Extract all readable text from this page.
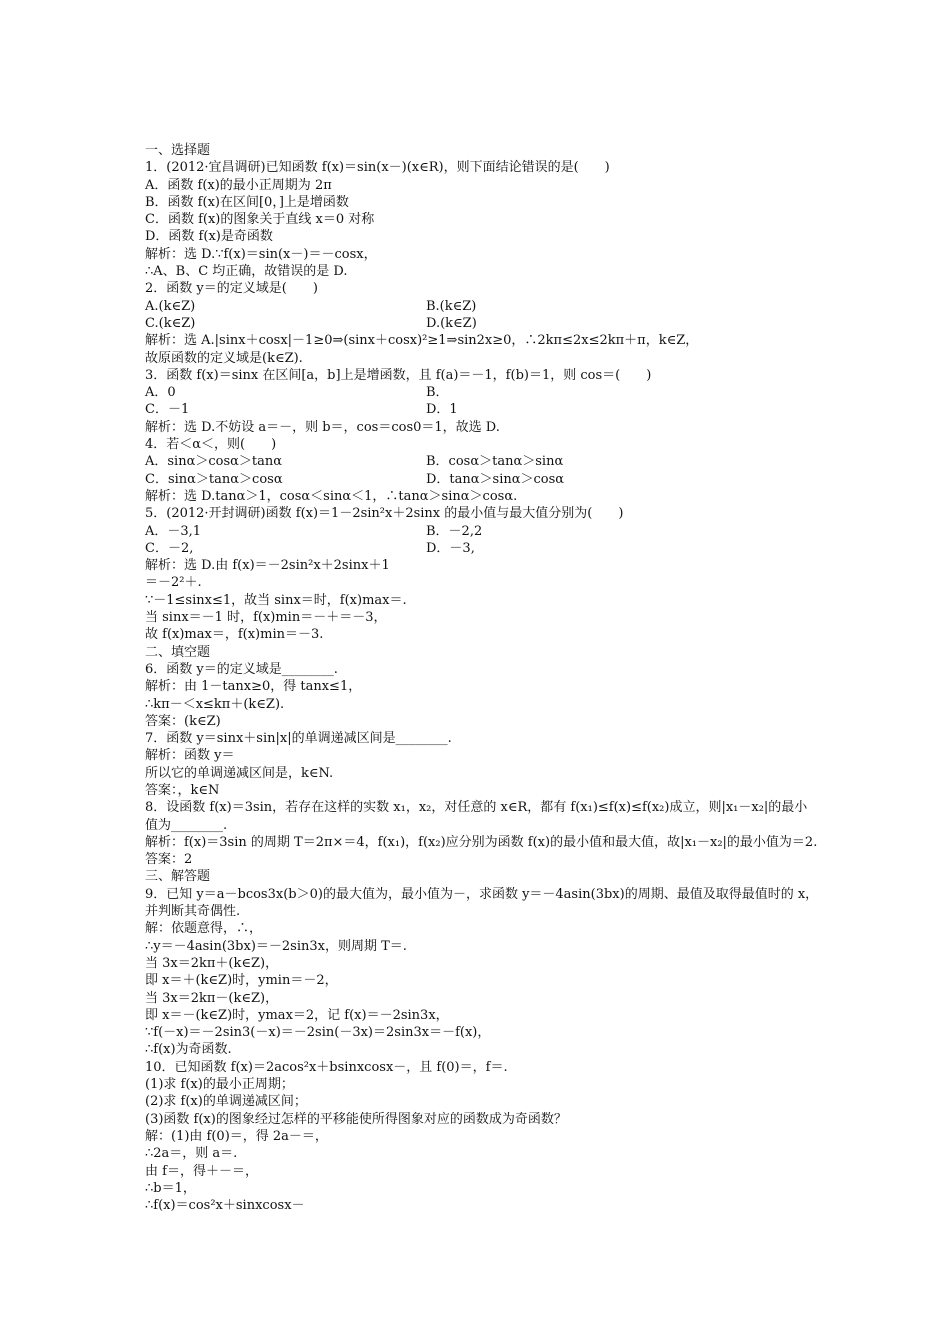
一、选择题
1．(2012·宜昌调研)已知函数 f(x)＝sin(x－)(x∈R)，则下面结论错误的是(　　)
A．函数 f(x)的最小正周期为 2π
B．函数 f(x)在区间[0，]上是增函数
C．函数 f(x)的图象关于直线 x＝0 对称
D．函数 f(x)是奇函数
解析：选 D.∵f(x)＝sin(x－)＝－cosx，
∴A、B、C 均正确，故错误的是 D.
2．函数 y＝的定义域是(　　)
A.(k∈Z)	B.(k∈Z)
C.(k∈Z)	D.(k∈Z)
解析：选 A.|sinx＋cosx|－1≥0⇒(sinx＋cosx)²≥1⇒sin2x≥0，∴2kπ≤2x≤2kπ＋π，k∈Z，
故原函数的定义域是(k∈Z).
3．函数 f(x)＝sinx 在区间[a，b]上是增函数，且 f(a)＝－1，f(b)＝1，则 cos＝(　　)
A．0	B．
C．－1	D．1
解析：选 D.不妨设 a＝－，则 b＝，cos＝cos0＝1，故选 D.
4．若＜α＜，则(　　)
A．sinα＞cosα＞tanα	B．cosα＞tanα＞sinα
C．sinα＞tanα＞cosα	D．tanα＞sinα＞cosα
解析：选 D.tanα＞1，cosα＜sinα＜1，∴tanα＞sinα＞cosα.
5．(2012·开封调研)函数 f(x)＝1－2sin²x＋2sinx 的最小值与最大值分别为(　　)
A．－3,1	B．－2,2
C．－2,	D．－3,
解析：选 D.由 f(x)＝－2sin²x＋2sinx＋1
＝－2²＋.
∵－1≤sinx≤1，故当 sinx＝时，f(x)max＝.
当 sinx＝－1 时，f(x)min＝－＋＝－3，
故 f(x)max＝，f(x)min＝－3.
二、填空题
6．函数 y＝的定义域是________.
解析：由 1－tanx≥0，得 tanx≤1，
∴kπ－＜x≤kπ＋(k∈Z).
答案：(k∈Z)
7．函数 y＝sinx＋sin|x|的单调递减区间是________.
解析：函数 y＝
所以它的单调递减区间是，k∈N.
答案：，k∈N
8．设函数 f(x)＝3sin，若存在这样的实数 x₁，x₂，对任意的 x∈R，都有 f(x₁)≤f(x)≤f(x₂)成立，则|x₁－x₂|的最小值为________.
解析：f(x)＝3sin 的周期 T＝2π×＝4，f(x₁)，f(x₂)应分别为函数 f(x)的最小值和最大值，故|x₁－x₂|的最小值为＝2.
答案：2
三、解答题
9．已知 y＝a－bcos3x(b＞0)的最大值为，最小值为－，求函数 y＝－4asin(3bx)的周期、最值及取得最值时的 x，并判断其奇偶性.
解：依题意得，∴，
∴y＝－4asin(3bx)＝－2sin3x，则周期 T＝.
当 3x＝2kπ＋(k∈Z)，
即 x＝＋(k∈Z)时，ymin＝－2，
当 3x＝2kπ－(k∈Z)，
即 x＝－(k∈Z)时，ymax＝2，记 f(x)＝－2sin3x，
∵f(－x)＝－2sin3(－x)＝－2sin(－3x)＝2sin3x＝－f(x)，
∴f(x)为奇函数.
10．已知函数 f(x)＝2acos²x＋bsinxcosx－，且 f(0)＝，f＝.
(1)求 f(x)的最小正周期；
(2)求 f(x)的单调递减区间；
(3)函数 f(x)的图象经过怎样的平移能使所得图象对应的函数成为奇函数？
解：(1)由 f(0)＝，得 2a－＝，
∴2a＝，则 a＝.
由 f＝，得＋－＝，
∴b＝1，
∴f(x)＝cos²x＋sinxcosx－
